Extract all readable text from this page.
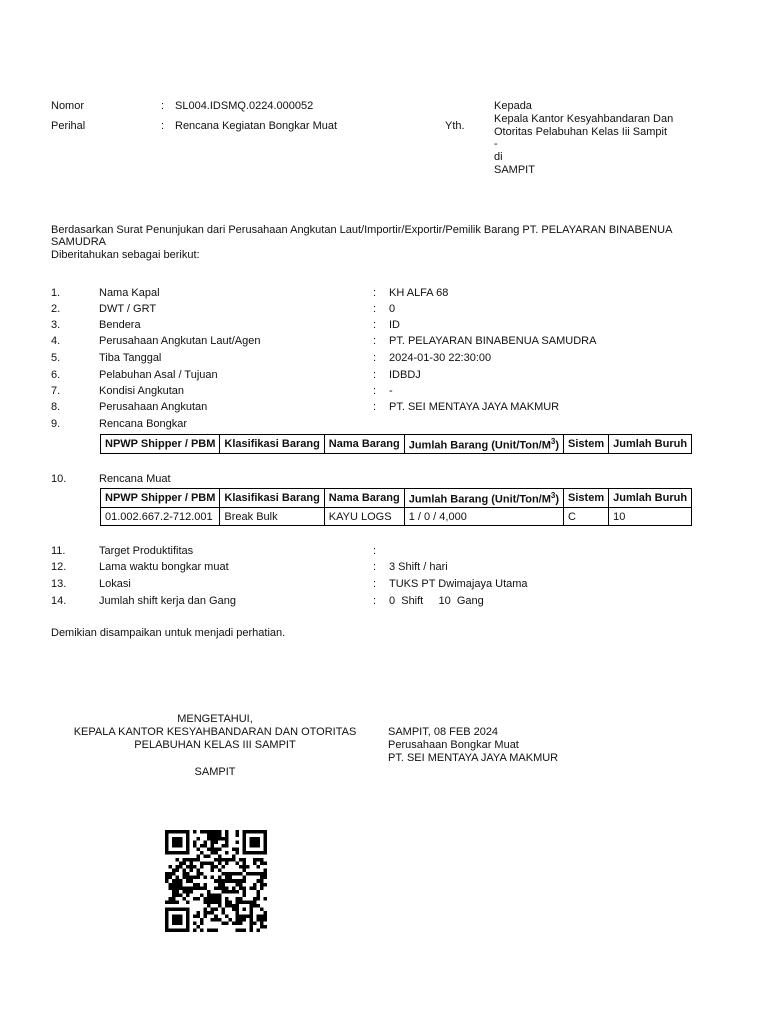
Nomor	: SL004.IDSMQ.0224.000052
Perihal	: Rencana Kegiatan Bongkar Muat	Yth.
Kepada
Kepala Kantor Kesyahbandaran Dan
Otoritas Pelabuhan Kelas Iii Sampit
-
di
SAMPIT
Berdasarkan Surat Penunjukan dari Perusahaan Angkutan Laut/Importir/Exportir/Pemilik Barang PT. PELAYARAN BINABENUA SAMUDRA
Diberitahukan sebagai berikut:
1.	Nama Kapal	: KH ALFA 68
2.	DWT / GRT	: 0
3.	Bendera	: ID
4.	Perusahaan Angkutan Laut/Agen	: PT. PELAYARAN BINABENUA SAMUDRA
5.	Tiba Tanggal	: 2024-01-30 22:30:00
6.	Pelabuhan Asal / Tujuan	: IDBDJ
7.	Kondisi Angkutan	: -
8.	Perusahaan Angkutan	: PT. SEI MENTAYA JAYA MAKMUR
9.	Rencana Bongkar
NPWP Shipper / PBM	Klasifikasi Barang	Nama Barang	Jumlah Barang $(Unit/Ton/M^3)$	Sistem	Jumlah Buruh
10.	Rencana Muat
NPWP Shipper / PBM	Klasifikasi Barang	Nama Barang	Jumlah Barang $(Unit/Ton/M^3)$	Sistem	Jumlah Buruh
01.002.667.2-712.001	Break Bulk	KAYU LOGS	1 / 0 / 4,000	C	10
11.	Target Produktifitas	:
12.	Lama waktu bongkar muat	: 3 Shift / hari
13.	Lokasi	: TUKS PT Dwimajaya Utama
14.	Jumlah shift kerja dan Gang	: 0  Shift     10  Gang
Demikian disampaikan untuk menjadi perhatian.
MENGETAHUI,
KEPALA KANTOR KESYAHBANDARAN DAN OTORITAS
PELABUHAN KELAS III SAMPIT
SAMPIT
SAMPIT, 08 FEB 2024
Perusahaan Bongkar Muat
PT. SEI MENTAYA JAYA MAKMUR
